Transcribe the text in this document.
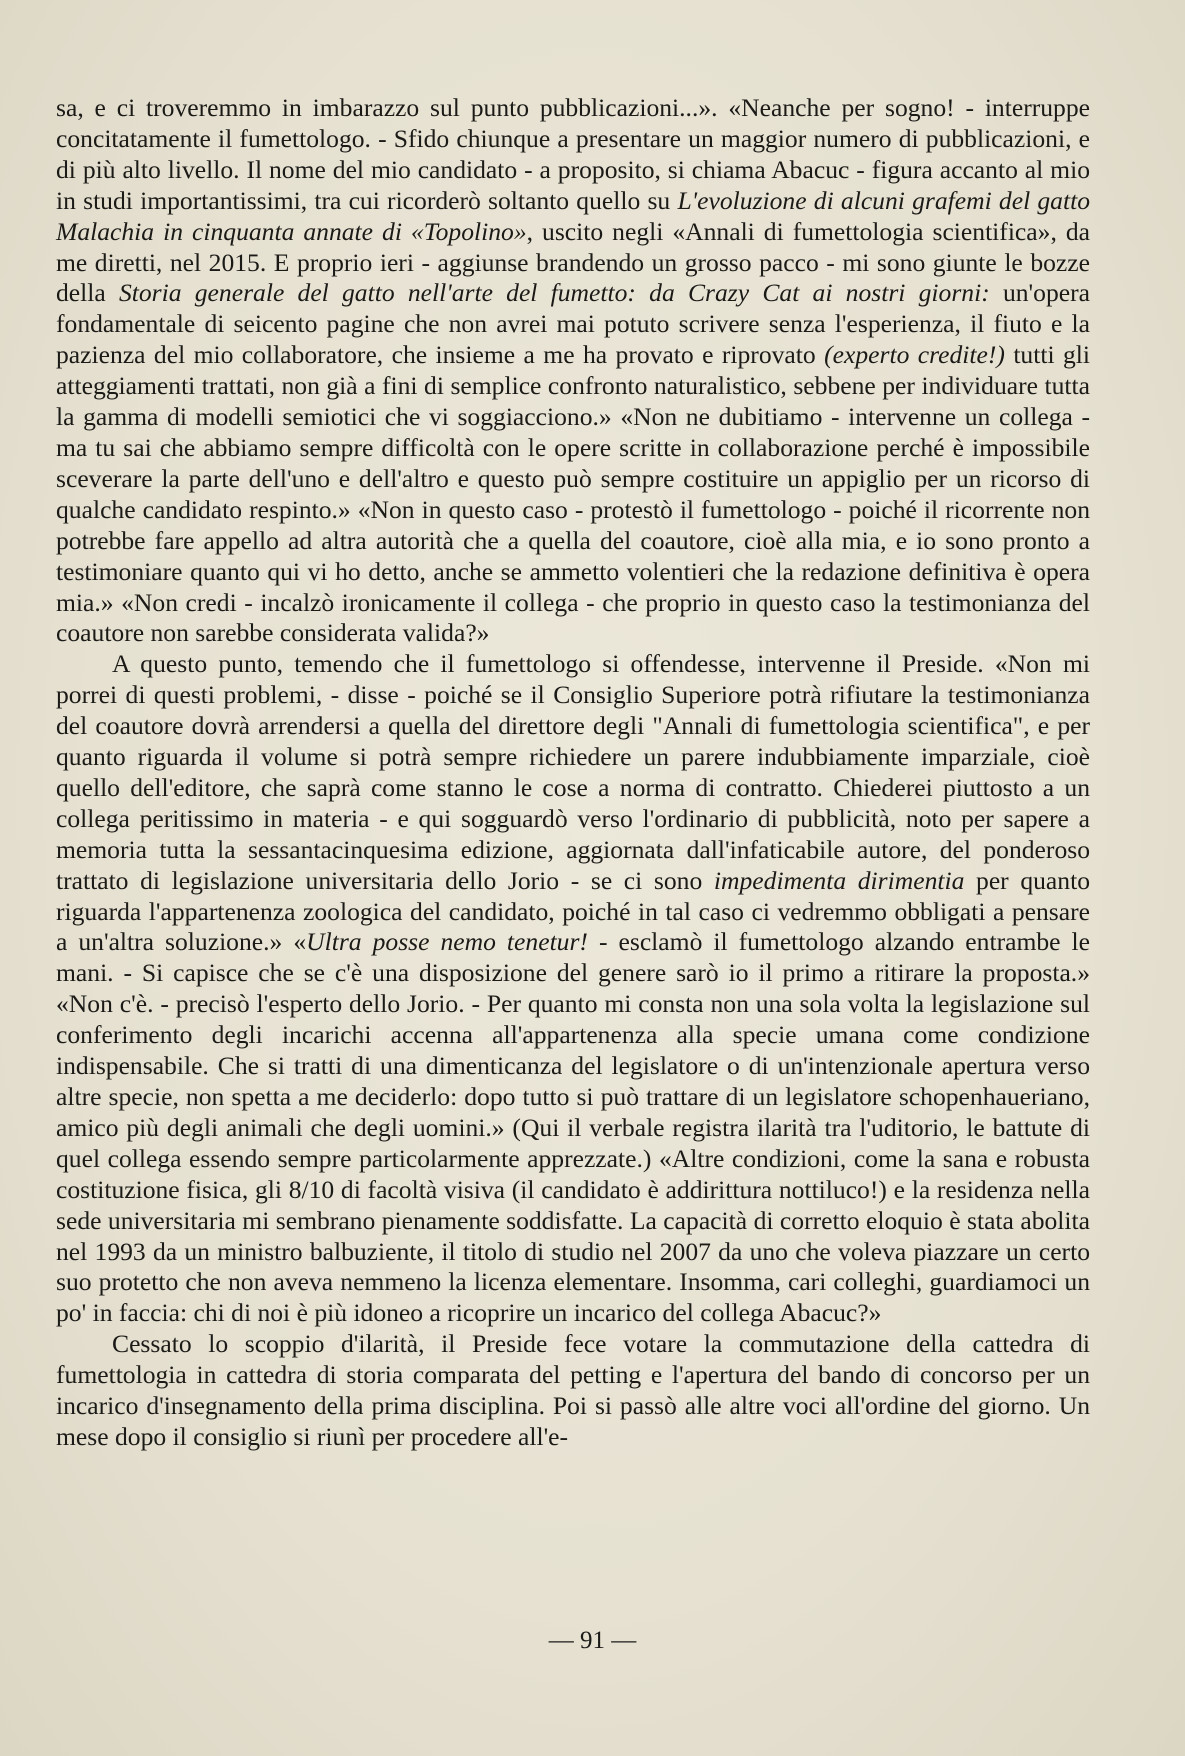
sa, e ci troveremmo in imbarazzo sul punto pubblicazioni...». «Neanche per sogno! - interruppe concitatamente il fumettologo. - Sfido chiunque a presentare un maggior numero di pubblicazioni, e di più alto livello. Il nome del mio candidato - a proposito, si chiama Abacuc - figura accanto al mio in studi importantissimi, tra cui ricorderò soltanto quello su L'evoluzione di alcuni grafemi del gatto Malachia in cinquanta annate di «Topolino», uscito negli «Annali di fumettologia scientifica», da me diretti, nel 2015. E proprio ieri - aggiunse brandendo un grosso pacco - mi sono giunte le bozze della Storia generale del gatto nell'arte del fumetto: da Crazy Cat ai nostri giorni: un'opera fondamentale di seicento pagine che non avrei mai potuto scrivere senza l'esperienza, il fiuto e la pazienza del mio collaboratore, che insieme a me ha provato e riprovato (experto credite!) tutti gli atteggiamenti trattati, non già a fini di semplice confronto naturalistico, sebbene per individuare tutta la gamma di modelli semiotici che vi soggiacciono.» «Non ne dubitiamo - intervenne un collega - ma tu sai che abbiamo sempre difficoltà con le opere scritte in collaborazione perché è impossibile sceverare la parte dell'uno e dell'altro e questo può sempre costituire un appiglio per un ricorso di qualche candidato respinto.» «Non in questo caso - protestò il fumettologo - poiché il ricorrente non potrebbe fare appello ad altra autorità che a quella del coautore, cioè alla mia, e io sono pronto a testimoniare quanto qui vi ho detto, anche se ammetto volentieri che la redazione definitiva è opera mia.» «Non credi - incalzò ironicamente il collega - che proprio in questo caso la testimonianza del coautore non sarebbe considerata valida?»

A questo punto, temendo che il fumettologo si offendesse, intervenne il Preside. «Non mi porrei di questi problemi, - disse - poiché se il Consiglio Superiore potrà rifiutare la testimonianza del coautore dovrà arrendersi a quella del direttore degli "Annali di fumettologia scientifica", e per quanto riguarda il volume si potrà sempre richiedere un parere indubbiamente imparziale, cioè quello dell'editore, che saprà come stanno le cose a norma di contratto. Chiederei piuttosto a un collega peritissimo in materia - e qui sogguardò verso l'ordinario di pubblicità, noto per sapere a memoria tutta la sessantacinquesima edizione, aggiornata dall'infaticabile autore, del ponderoso trattato di legislazione universitaria dello Jorio - se ci sono impedimenta dirimentia per quanto riguarda l'appartenenza zoologica del candidato, poiché in tal caso ci vedremmo obbligati a pensare a un'altra soluzione.» «Ultra posse nemo tenetur! - esclamò il fumettologo alzando entrambe le mani. - Si capisce che se c'è una disposizione del genere sarò io il primo a ritirare la proposta.» «Non c'è. - precisò l'esperto dello Jorio. - Per quanto mi consta non una sola volta la legislazione sul conferimento degli incarichi accenna all'appartenenza alla specie umana come condizione indispensabile. Che si tratti di una dimenticanza del legislatore o di un'intenzionale apertura verso altre specie, non spetta a me deciderlo: dopo tutto si può trattare di un legislatore schopenhaueriano, amico più degli animali che degli uomini.» (Qui il verbale registra ilarità tra l'uditorio, le battute di quel collega essendo sempre particolarmente apprezzate.) «Altre condizioni, come la sana e robusta costituzione fisica, gli 8/10 di facoltà visiva (il candidato è addirittura nottiluco!) e la residenza nella sede universitaria mi sembrano pienamente soddisfatte. La capacità di corretto eloquio è stata abolita nel 1993 da un ministro balbuziente, il titolo di studio nel 2007 da uno che voleva piazzare un certo suo protetto che non aveva nemmeno la licenza elementare. Insomma, cari colleghi, guardiamoci un po' in faccia: chi di noi è più idoneo a ricoprire un incarico del collega Abacuc?»

Cessato lo scoppio d'ilarità, il Preside fece votare la commutazione della cattedra di fumettologia in cattedra di storia comparata del petting e l'apertura del bando di concorso per un incarico d'insegnamento della prima disciplina. Poi si passò alle altre voci all'ordine del giorno. Un mese dopo il consiglio si riunì per procedere all'e-

— 91 —
